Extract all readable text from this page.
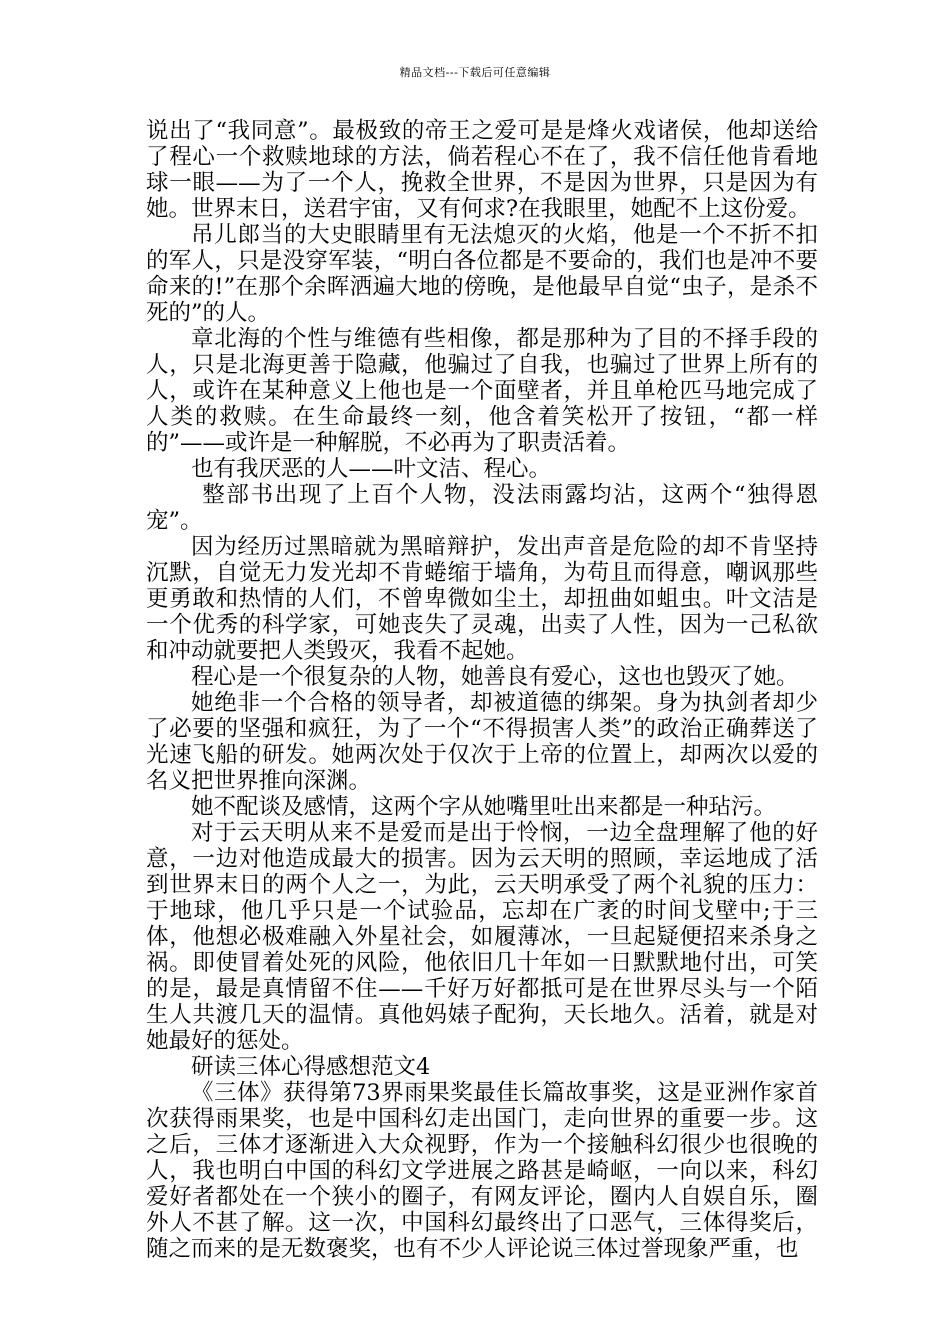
精品文档---下载后可任意编辑

说出了“我同意”。最极致的帝王之爱可是是烽火戏诸侯，他却送给了程心一个救赎地球的方法，倘若程心不在了，我不信任他肯看地球一眼——为了一个人，挽救全世界，不是因为世界，只是因为有她。世界末日，送君宇宙，又有何求?在我眼里，她配不上这份爱。

吊儿郎当的大史眼睛里有无法熄灭的火焰，他是一个不折不扣的军人，只是没穿军装，“明白各位都是不要命的，我们也是冲不要命来的!”在那个余晖洒遍大地的傍晚，是他最早自觉“虫子，是杀不死的”的人。

章北海的个性与维德有些相像，都是那种为了目的不择手段的人，只是北海更善于隐藏，他骗过了自我，也骗过了世界上所有的人，或许在某种意义上他也是一个面壁者，并且单枪匹马地完成了人类的救赎。在生命最终一刻，他含着笑松开了按钮，“都一样的”——或许是一种解脱，不必再为了职责活着。

也有我厌恶的人——叶文洁、程心。

整部书出现了上百个人物，没法雨露均沾，这两个“独得恩宠”。

因为经历过黑暗就为黑暗辩护，发出声音是危险的却不肯坚持沉默，自觉无力发光却不肯蜷缩于墙角，为苟且而得意，嘲讽那些更勇敢和热情的人们，不曾卑微如尘土，却扭曲如蛆虫。叶文洁是一个优秀的科学家，可她丧失了灵魂，出卖了人性，因为一己私欲和冲动就要把人类毁灭，我看不起她。

程心是一个很复杂的人物，她善良有爱心，这也也毁灭了她。

她绝非一个合格的领导者，却被道德的绑架。身为执剑者却少了必要的坚强和疯狂，为了一个“不得损害人类”的政治正确葬送了光速飞船的研发。她两次处于仅次于上帝的位置上，却两次以爱的名义把世界推向深渊。

她不配谈及感情，这两个字从她嘴里吐出来都是一种玷污。

对于云天明从来不是爱而是出于怜悯，一边全盘理解了他的好意，一边对他造成最大的损害。因为云天明的照顾，幸运地成了活到世界末日的两个人之一，为此，云天明承受了两个礼貌的压力：于地球，他几乎只是一个试验品，忘却在广袤的时间戈壁中;于三体，他想必极难融入外星社会，如履薄冰，一旦起疑便招来杀身之祸。即使冒着处死的风险，他依旧几十年如一日默默地付出，可笑的是，最是真情留不住——千好万好都抵可是在世界尽头与一个陌生人共渡几天的温情。真他妈婊子配狗，天长地久。活着，就是对她最好的惩处。

研读三体心得感想范文4

《三体》获得第73界雨果奖最佳长篇故事奖，这是亚洲作家首次获得雨果奖，也是中国科幻走出国门，走向世界的重要一步。这之后，三体才逐渐进入大众视野，作为一个接触科幻很少也很晚的人，我也明白中国的科幻文学进展之路甚是崎岖，一向以来，科幻爱好者都处在一个狭小的圈子，有网友评论，圈内人自娱自乐，圈外人不甚了解。这一次，中国科幻最终出了口恶气，三体得奖后，随之而来的是无数褒奖，也有不少人评论说三体过誉现象严重，也
